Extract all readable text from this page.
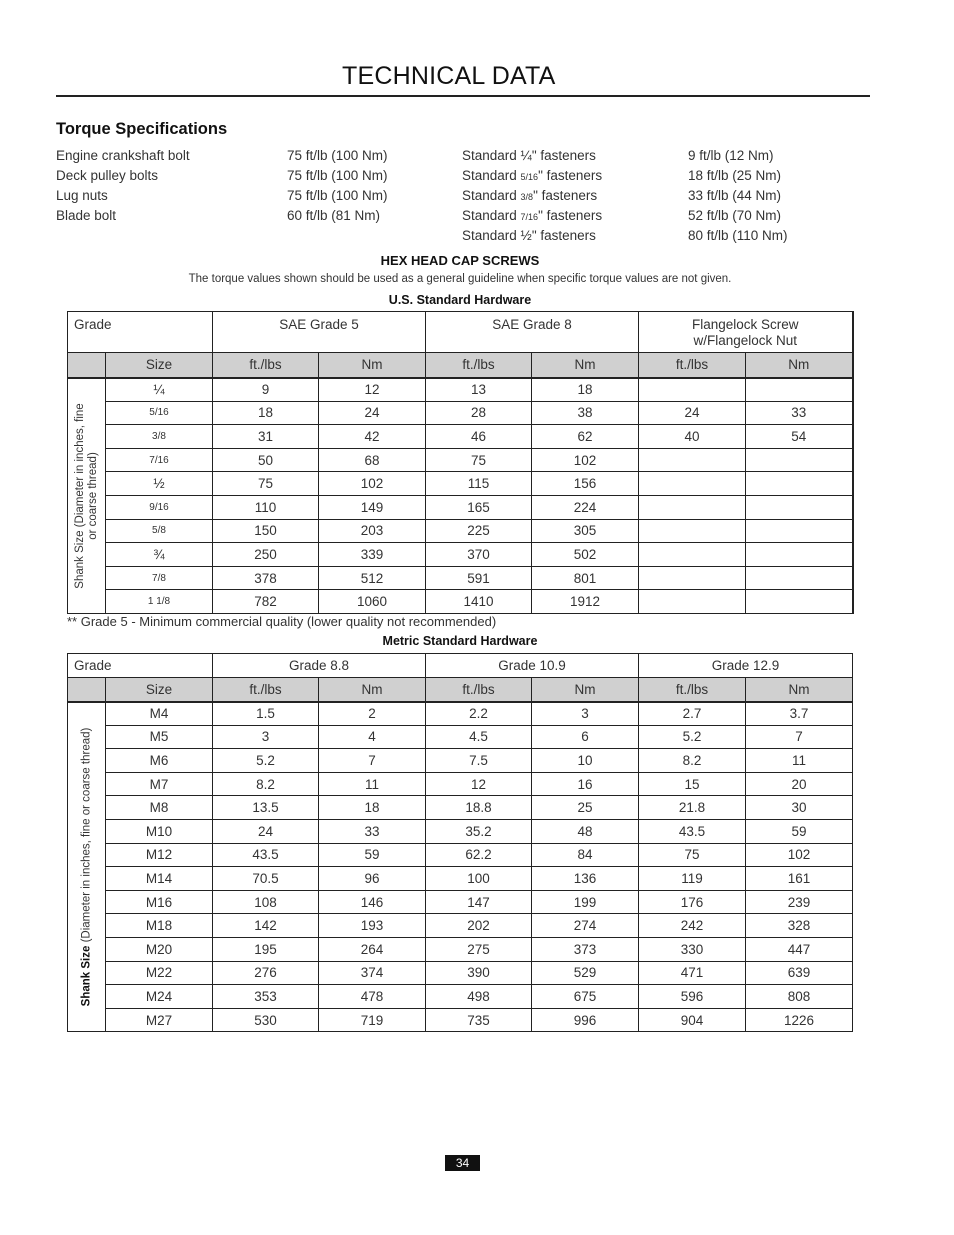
TECHNICAL DATA
Torque Specifications
Engine crankshaft bolt	75 ft/lb (100 Nm)
Deck pulley bolts	75 ft/lb (100 Nm)
Lug nuts	75 ft/lb (100 Nm)
Blade bolt	60 ft/lb (81 Nm)
Standard ¼" fasteners	9 ft/lb (12 Nm)
Standard 5/16" fasteners	18 ft/lb (25 Nm)
Standard 3/8" fasteners	33 ft/lb (44 Nm)
Standard 7/16" fasteners	52 ft/lb (70 Nm)
Standard ½" fasteners	80 ft/lb (110 Nm)
HEX HEAD CAP SCREWS
The torque values shown should be used as a general guideline when specific torque values are not given.
U.S. Standard Hardware
Grade		SAE Grade 5		SAE Grade 8		Flangelock Screw
w/Flangelock Nut	
	Size	ft./lbs	Nm	ft./lbs	Nm	ft./lbs	Nm

Shank Size (Diameter in inches, fine
or coarse thread)	¼	9	12	13	18		
	5/16	18	24	28	38	24	33
	3/8	31	42	46	62	40	54
	7/16	50	68	75	102		
	½	75	102	115	156		
	9/16	110	149	165	224		
	5/8	150	203	225	305		
	¾	250	339	370	502		
	7/8	378	512	591	801		
	1 1/8	782	1060	1410	1912		
** Grade 5 - Minimum commercial quality (lower quality not recommended)
Metric Standard Hardware
Grade		Grade 8.8		Grade 10.9		Grade 12.9	
	Size	ft./lbs	Nm	ft./lbs	Nm	ft./lbs	Nm

Shank Size (Diameter in inches, fine or coarse thread)	M4	1.5	2	2.2	3	2.7	3.7
	M5	3	4	4.5	6	5.2	7
	M6	5.2	7	7.5	10	8.2	11
	M7	8.2	11	12	16	15	20
	M8	13.5	18	18.8	25	21.8	30
	M10	24	33	35.2	48	43.5	59
	M12	43.5	59	62.2	84	75	102
	M14	70.5	96	100	136	119	161
	M16	108	146	147	199	176	239
	M18	142	193	202	274	242	328
	M20	195	264	275	373	330	447
	M22	276	374	390	529	471	639
	M24	353	478	498	675	596	808
	M27	530	719	735	996	904	1226
34
